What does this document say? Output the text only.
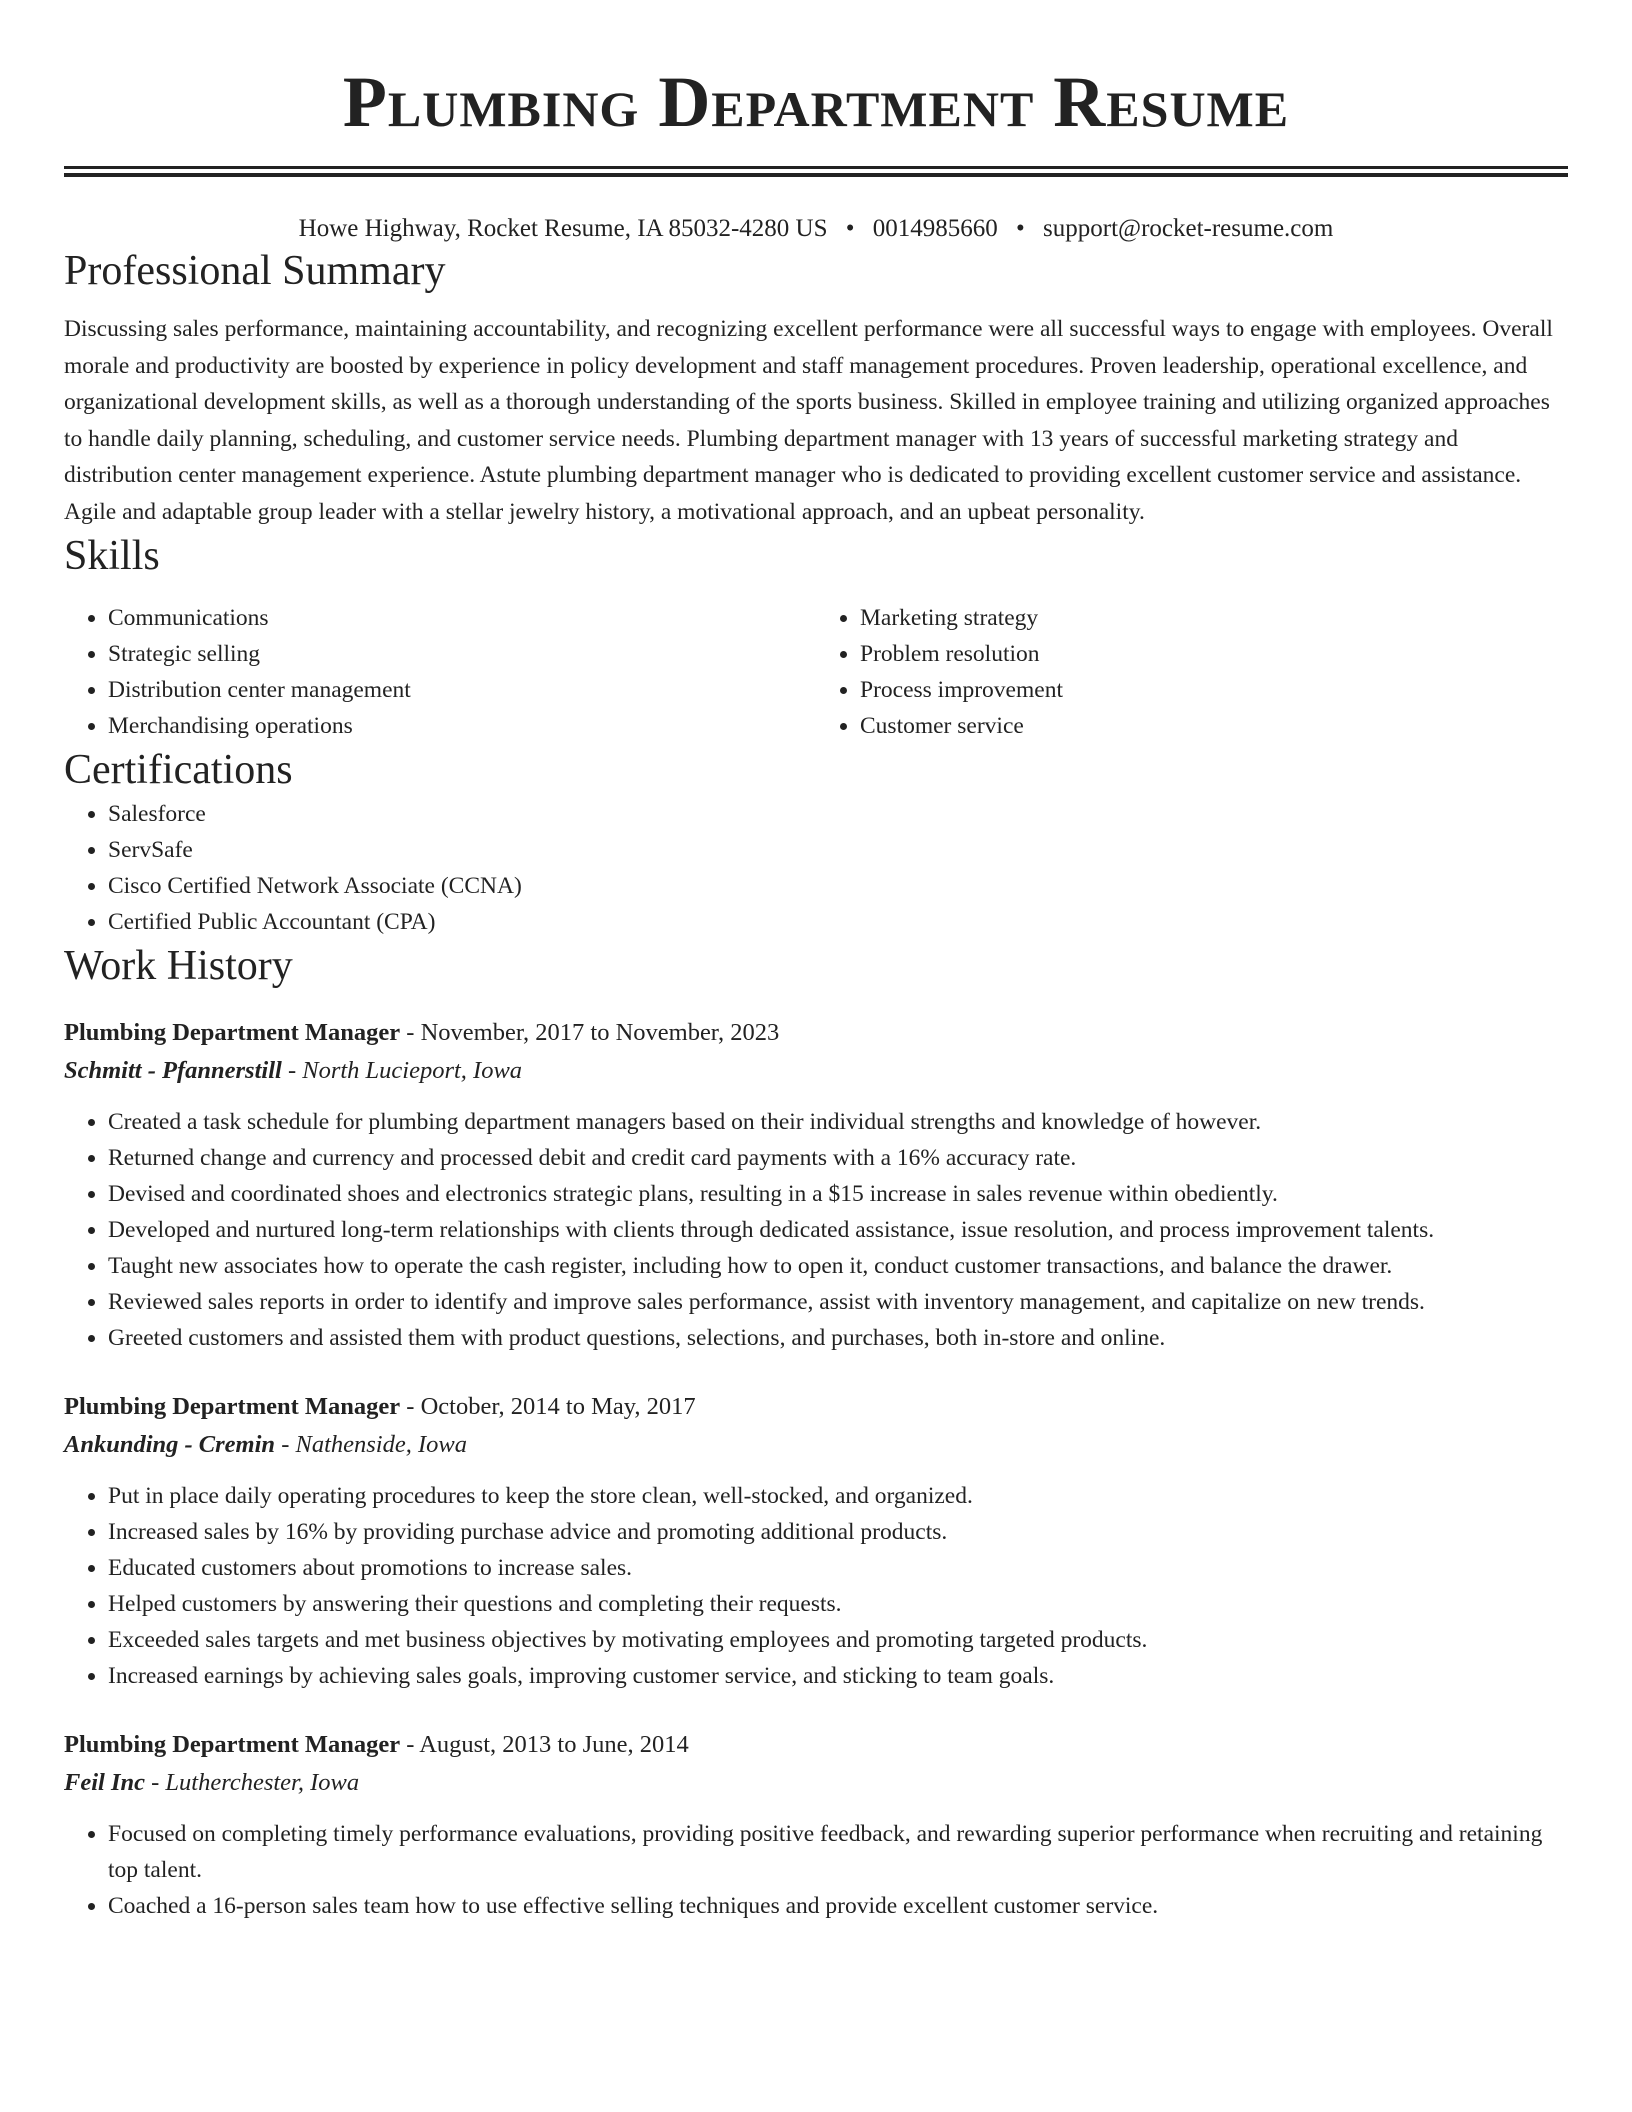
Plumbing Department Resume
Howe Highway, Rocket Resume, IA 85032-4280 US • 0014985660 • support@rocket-resume.com
Professional Summary
Discussing sales performance, maintaining accountability, and recognizing excellent performance were all successful ways to engage with employees. Overall morale and productivity are boosted by experience in policy development and staff management procedures. Proven leadership, operational excellence, and organizational development skills, as well as a thorough understanding of the sports business. Skilled in employee training and utilizing organized approaches to handle daily planning, scheduling, and customer service needs. Plumbing department manager with 13 years of successful marketing strategy and distribution center management experience. Astute plumbing department manager who is dedicated to providing excellent customer service and assistance. Agile and adaptable group leader with a stellar jewelry history, a motivational approach, and an upbeat personality.
Skills
• Communications
• Strategic selling
• Distribution center management
• Merchandising operations
• Marketing strategy
• Problem resolution
• Process improvement
• Customer service
Certifications
• Salesforce
• ServSafe
• Cisco Certified Network Associate (CCNA)
• Certified Public Accountant (CPA)
Work History
Plumbing Department Manager - November, 2017 to November, 2023
Schmitt - Pfannerstill - North Lucieport, Iowa
• Created a task schedule for plumbing department managers based on their individual strengths and knowledge of however.
• Returned change and currency and processed debit and credit card payments with a 16% accuracy rate.
• Devised and coordinated shoes and electronics strategic plans, resulting in a $15 increase in sales revenue within obediently.
• Developed and nurtured long-term relationships with clients through dedicated assistance, issue resolution, and process improvement talents.
• Taught new associates how to operate the cash register, including how to open it, conduct customer transactions, and balance the drawer.
• Reviewed sales reports in order to identify and improve sales performance, assist with inventory management, and capitalize on new trends.
• Greeted customers and assisted them with product questions, selections, and purchases, both in-store and online.
Plumbing Department Manager - October, 2014 to May, 2017
Ankunding - Cremin - Nathenside, Iowa
• Put in place daily operating procedures to keep the store clean, well-stocked, and organized.
• Increased sales by 16% by providing purchase advice and promoting additional products.
• Educated customers about promotions to increase sales.
• Helped customers by answering their questions and completing their requests.
• Exceeded sales targets and met business objectives by motivating employees and promoting targeted products.
• Increased earnings by achieving sales goals, improving customer service, and sticking to team goals.
Plumbing Department Manager - August, 2013 to June, 2014
Feil Inc - Lutherchester, Iowa
• Focused on completing timely performance evaluations, providing positive feedback, and rewarding superior performance when recruiting and retaining top talent.
• Coached a 16-person sales team how to use effective selling techniques and provide excellent customer service.
